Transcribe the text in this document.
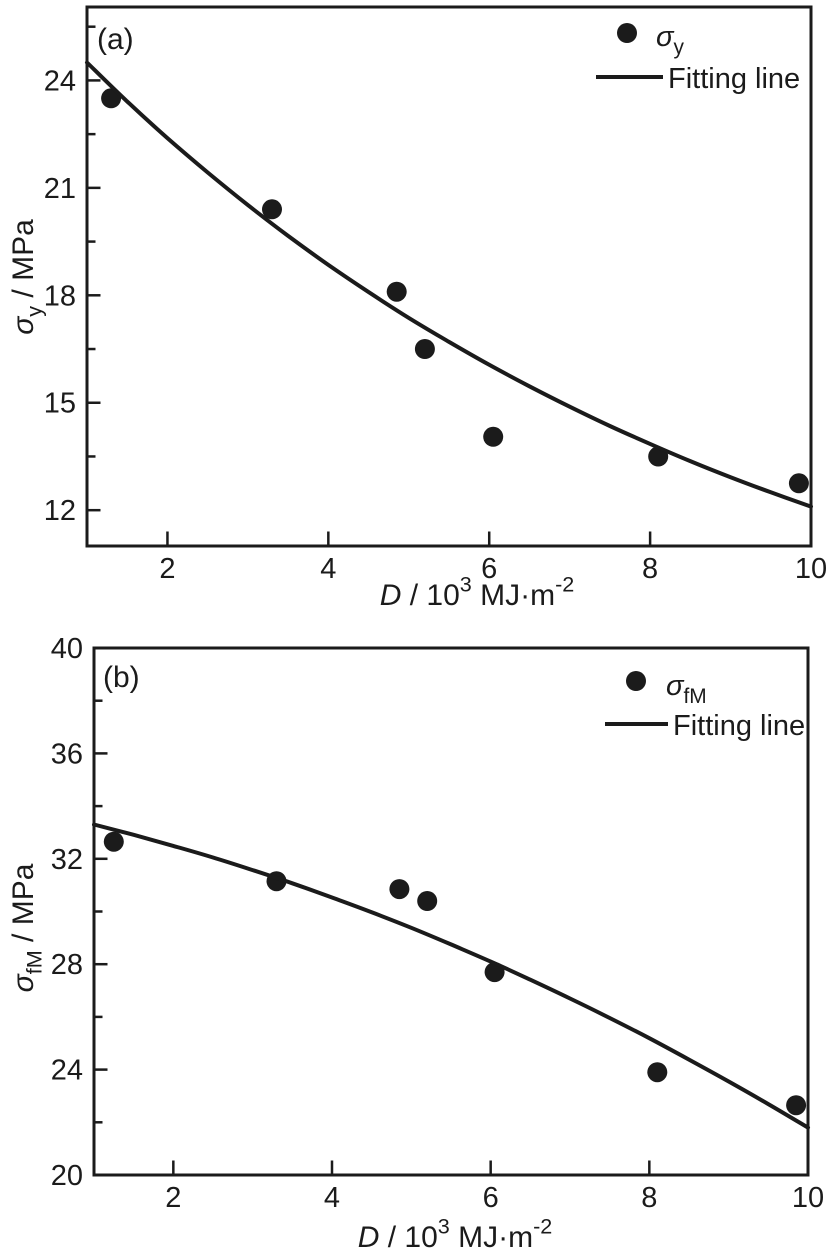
12
15
18
21
24
2	4	6	8	10
(a)
D / $10^3$ $MJ\cdot m^{-2}$
$\sigma_y$ / MPa
$\sigma_y$
Fitting line
20
24
28
32
36
40
2	4	6	8	10
(b)
D / $10^3$ $MJ\cdot m^{-2}$
$\sigma_{fM}$ / MPa
$\sigma_{fM}$
Fitting line
